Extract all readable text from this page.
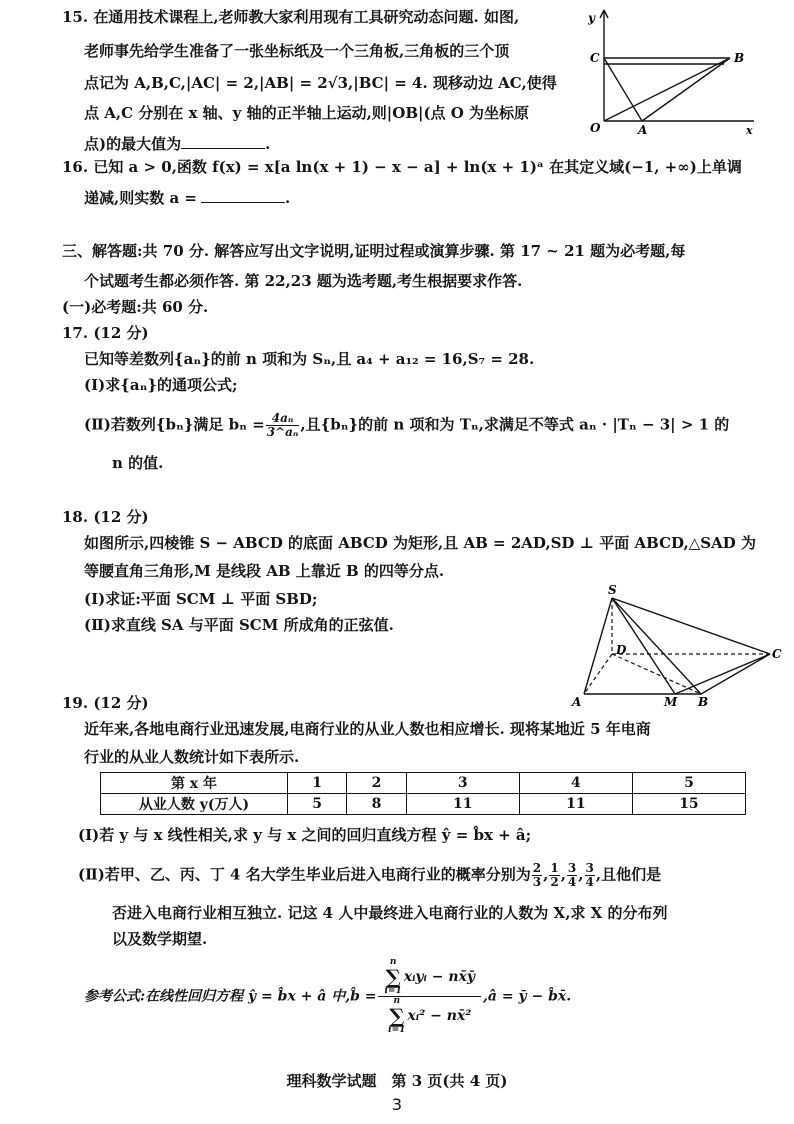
15. 在通用技术课程上,老师教大家利用现有工具研究动态问题. 如图,
老师事先给学生准备了一张坐标纸及一个三角板,三角板的三个顶
点记为 A,B,C,|AC| = 2,|AB| = 2√3,|BC| = 4. 现移动边 AC,使得
点 A,C 分别在 x 轴、y 轴的正半轴上运动,则|OB|(点 O 为坐标原
点)的最大值为	.
y
C	B
O	A	x
16. 已知 a > 0,函数 f(x) = x[a ln(x + 1) − x − a] + ln(x + 1)ᵃ 在其定义域(−1, +∞)上单调
递减,则实数 a =	.
三、解答题:共 70 分. 解答应写出文字说明,证明过程或演算步骤. 第 17 ~ 21 题为必考题,每
个试题考生都必须作答. 第 22,23 题为选考题,考生根据要求作答.
(一)必考题:共 60 分.
17. (12 分)
已知等差数列{aₙ}的前 n 项和为 Sₙ,且 a₄ + a₁₂ = 16,S₇ = 28.
(Ⅰ)求{aₙ}的通项公式;
(Ⅱ)若数列{bₙ}满足 $b_n = \frac{\text{4aₙ}}{\text{3\textasciicircum{}aₙ}}$ ,且{bₙ}的前 n 项和为 Tₙ,求满足不等式 aₙ · |Tₙ − 3| > 1 的
n 的值.
18. (12 分)
如图所示,四棱锥 S − ABCD 的底面 ABCD 为矩形,且 AB = 2AD,SD ⊥ 平面 ABCD,△SAD 为
等腰直角三角形,M 是线段 AB 上靠近 B 的四等分点.
(Ⅰ)求证:平面 SCM ⊥ 平面 SBD;
(Ⅱ)求直线 SA 与平面 SCM 所成角的正弦值.
S
D	C
A	M B
19. (12 分)
近年来,各地电商行业迅速发展,电商行业的从业人数也相应增长. 现将某地近 5 年电商
行业的从业人数统计如下表所示.
第 x 年	1	2	3	4	5
从业人数 y(万人)	5	8	11	11	15
(Ⅰ)若 y 与 x 线性相关,求 y 与 x 之间的回归直线方程 ŷ = b̂x + â;
(Ⅱ)若甲、乙、丙、丁 4 名大学生毕业后进入电商行业的概率分别为 $\frac{2}{3}$ , $\frac{1}{2}$ , $\frac{3}{4}$ , $\frac{3}{4}$ ,且他们是
否进入电商行业相互独立. 记这 4 人中最终进入电商行业的人数为 X,求 X 的分布列
以及数学期望.
参考公式:在线性回归方程 ŷ = b̂x + â 中,b̂ =
n
∑
i=1
xᵢyᵢ − nx̄ȳ
n
∑
i=1
xᵢ² − nx̄²
,â = ȳ − b̂x̄.
理科数学试题　第 3 页(共 4 页)
3
